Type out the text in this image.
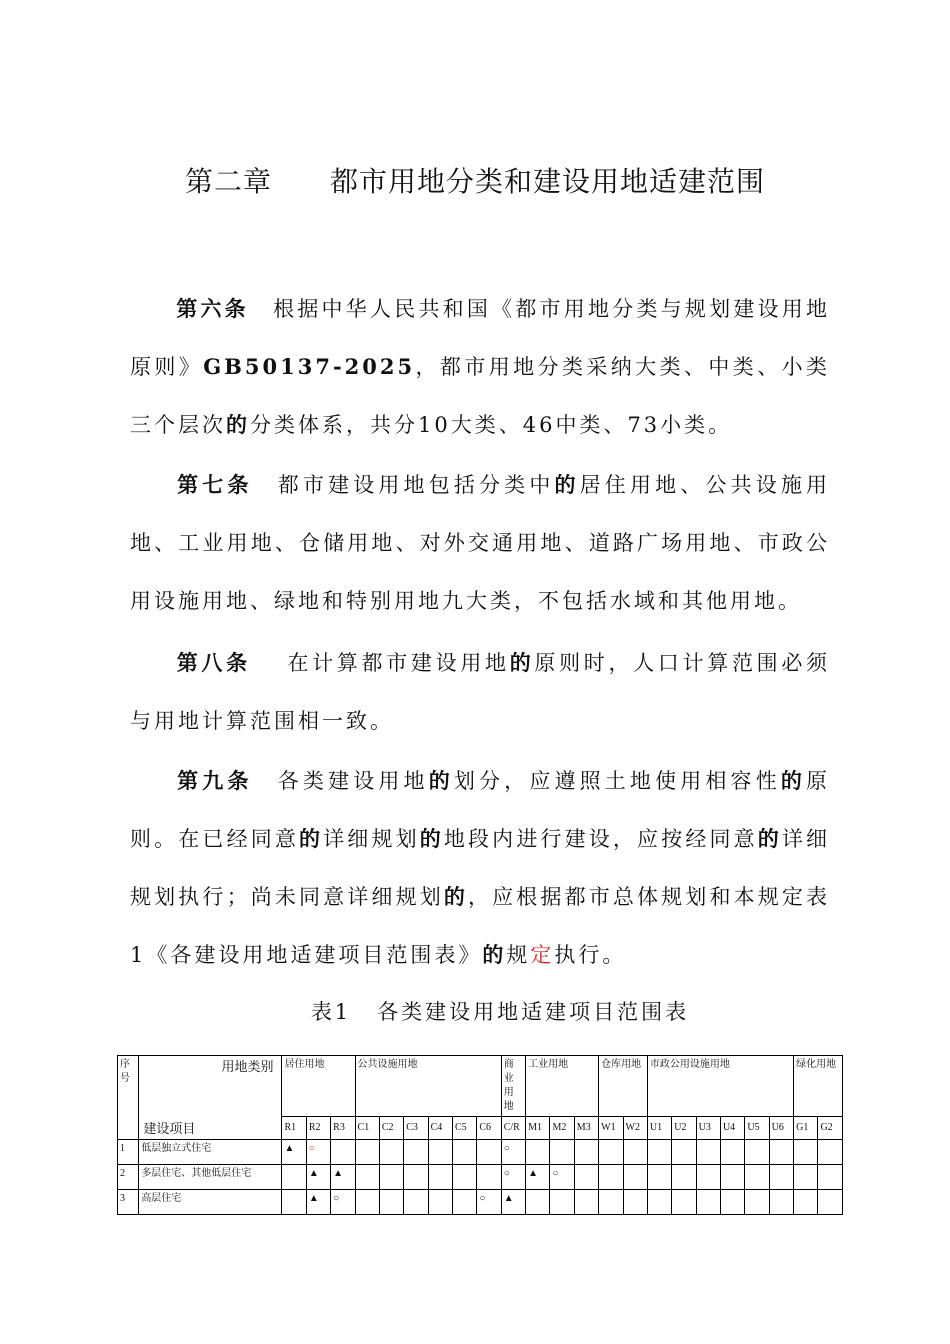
第二章 都市用地分类和建设用地适建范围
第六条 根据中华人民共和国《都市用地分类与规划建设用地原则》GB50137-2025，都市用地分类采纳大类、中类、小类三个层次的分类体系，共分10大类、46中类、73小类。
第七条 都市建设用地包括分类中的居住用地、公共设施用地、工业用地、仓储用地、对外交通用地、道路广场用地、市政公用设施用地、绿地和特别用地九大类，不包括水域和其他用地。
第八条 在计算都市建设用地的原则时，人口计算范围必须与用地计算范围相一致。
第九条 各类建设用地的划分，应遵照土地使用相容性的原则。在已经同意的详细规划的地段内进行建设，应按经同意的详细规划执行；尚未同意详细规划的，应根据都市总体规划和本规定表1《各建设用地适建项目范围表》的规定执行。
表1 各类建设用地适建项目范围表
序号	用地类别
建设项目	居住用地			公共设施用地						商业用地	工业用地			仓库用地		市政公用设施用地						绿化用地	
		R1	R2	R3	C1	C2	C3	C4	C5	C6	C/R	M1	M2	M3	W1	W2	U1	U2	U3	U4	U5	U6	G1	G2
1	低层独立式住宅	▲	○								○													
2	多层住宅、其他低层住宅		▲	▲							○	▲	○											
3	高层住宅		▲	○						○	▲													
